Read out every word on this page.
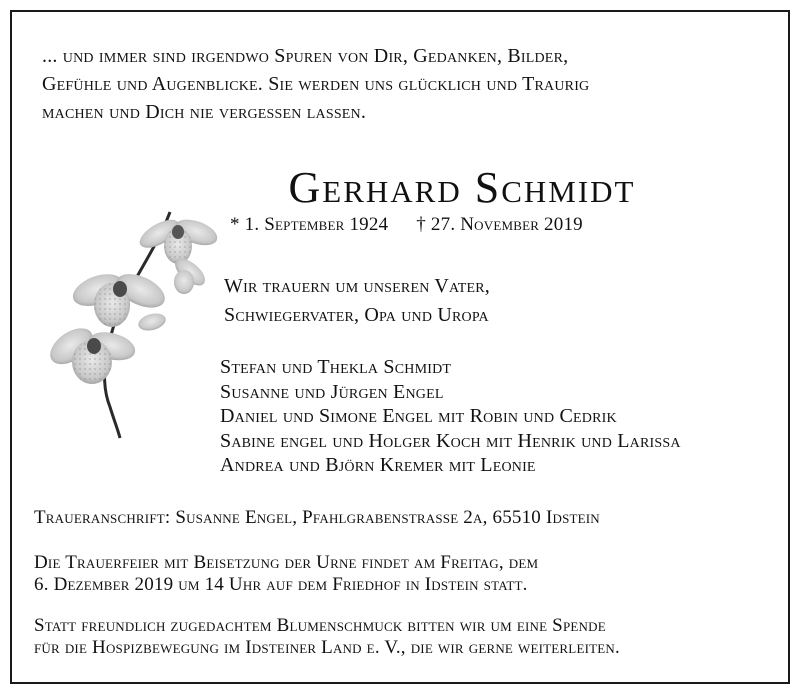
... und immer sind irgendwo Spuren von Dir, Gedanken, Bilder,
Gefühle und Augenblicke. Sie werden uns glücklich und Traurig
machen und Dich nie vergessen lassen.
Gerhard Schmidt
* 1. September 1924 † 27. November 2019
Wir trauern um unseren Vater,
Schwiegervater, Opa und Uropa
Stefan und Thekla Schmidt
Susanne und Jürgen Engel
Daniel und Simone Engel mit Robin und Cedrik
Sabine engel und Holger Koch mit Henrik und Larissa
Andrea und Björn Kremer mit Leonie
Traueranschrift: Susanne Engel, Pfahlgrabenstrasse 2a, 65510 Idstein
Die Trauerfeier mit Beisetzung der Urne findet am Freitag, dem
6. Dezember 2019 um 14 Uhr auf dem Friedhof in Idstein statt.
Statt freundlich zugedachtem Blumenschmuck bitten wir um eine Spende
für die Hospizbewegung im Idsteiner Land e. V., die wir gerne weiterleiten.
